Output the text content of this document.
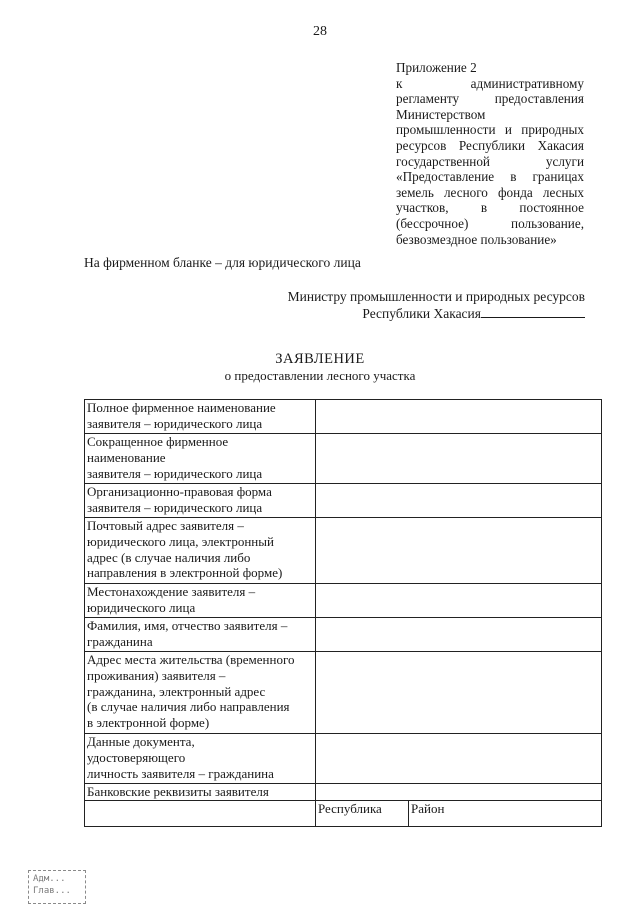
28
Приложение 2
к административному
регламенту предоставления
Министерством
промышленности и природных
ресурсов Республики Хакасия
государственной услуги
«Предоставление в границах
земель лесного фонда лесных
участков, в постоянное
(бессрочное) пользование,
безвозмездное пользование»
На фирменном бланке – для юридического лица
Министру промышленности и природных ресурсов
Республики Хакасия
ЗАЯВЛЕНИЕ
о предоставлении лесного участка
Полное фирменное наименование
заявителя – юридического лица		

Сокращенное фирменное
наименование
заявителя – юридического лица		

Организационно-правовая форма
заявителя – юридического лица		

Почтовый адрес заявителя –
юридического лица, электронный
адрес (в случае наличия либо
направления в электронной форме)		

Местонахождение заявителя –
юридического лица		

Фамилия, имя, отчество заявителя –
гражданина		

Адрес места жительства (временного
проживания) заявителя –
гражданина, электронный адрес
(в случае наличия либо направления
в электронной форме)		

Данные документа,
удостоверяющего
личность заявителя – гражданина		

Банковские реквизиты заявителя		

	Республика	Район
Адм...
Глав...
